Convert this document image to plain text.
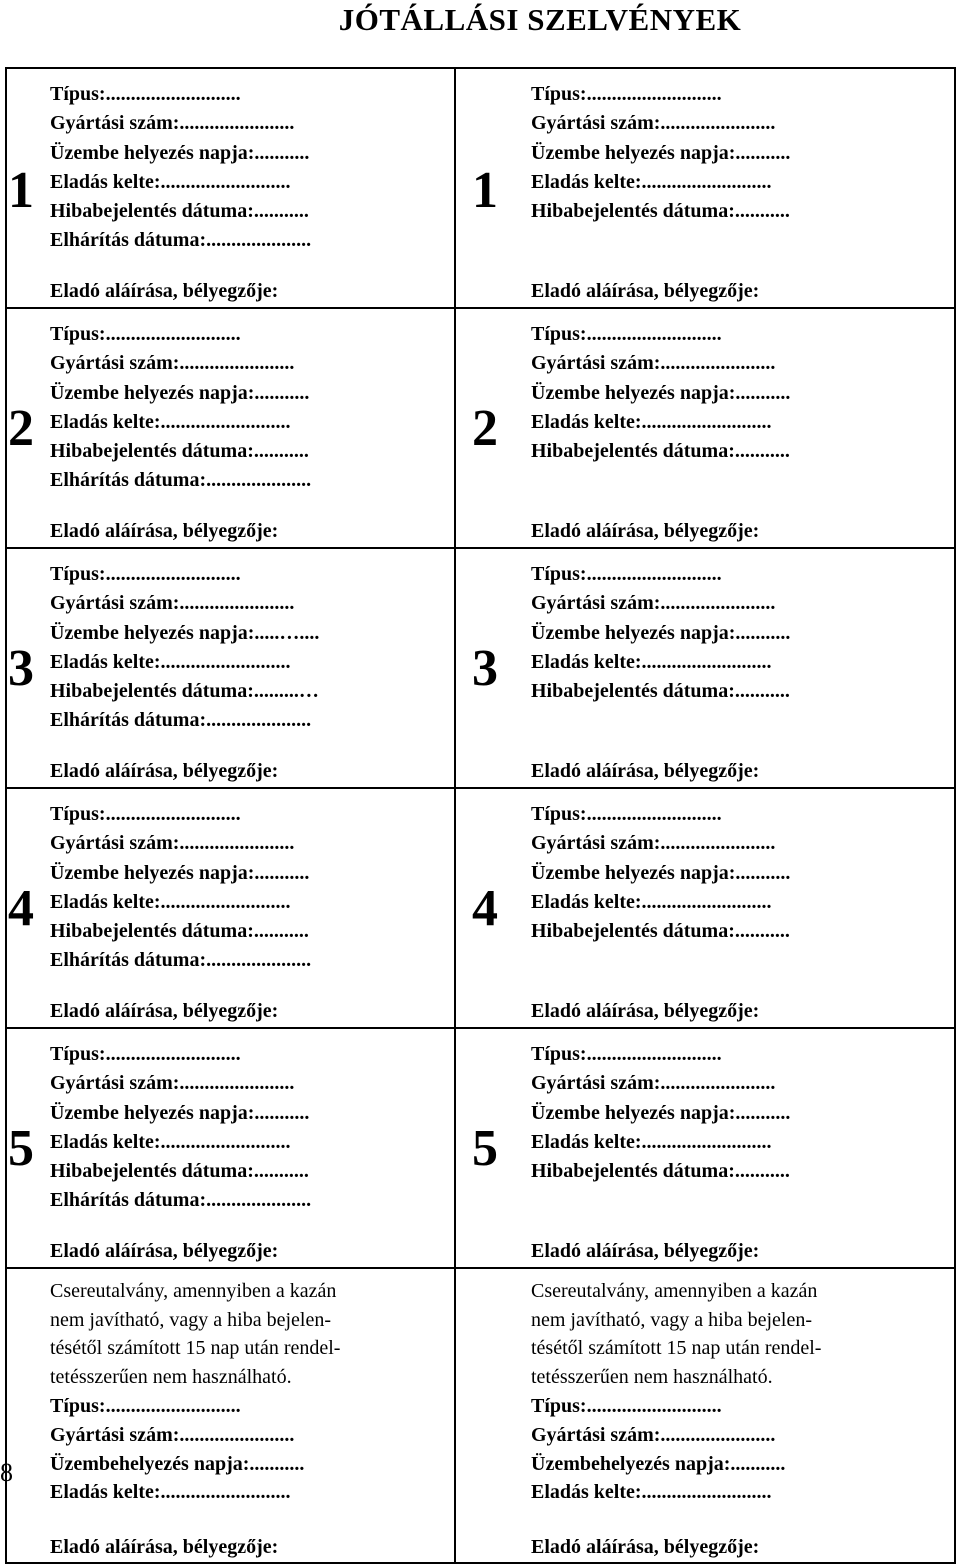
JÓTÁLLÁSI SZELVÉNYEK
1
Típus:...........................
Gyártási szám:.......................
Üzembe helyezés napja:...........
Eladás kelte:..........................
Hibabejelentés dátuma:...........
Elhárítás dátuma:.....................
Eladó aláírása, bélyegzője:
2
Típus:...........................
Gyártási szám:.......................
Üzembe helyezés napja:...........
Eladás kelte:..........................
Hibabejelentés dátuma:...........
Elhárítás dátuma:.....................
Eladó aláírása, bélyegzője:
3
Típus:...........................
Gyártási szám:.......................
Üzembe helyezés napja:.....…....
Eladás kelte:..........................
Hibabejelentés dátuma:.........…
Elhárítás dátuma:.....................
Eladó aláírása, bélyegzője:
4
Típus:...........................
Gyártási szám:.......................
Üzembe helyezés napja:...........
Eladás kelte:..........................
Hibabejelentés dátuma:...........
Elhárítás dátuma:.....................
Eladó aláírása, bélyegzője:
5
Típus:...........................
Gyártási szám:.......................
Üzembe helyezés napja:...........
Eladás kelte:..........................
Hibabejelentés dátuma:...........
Elhárítás dátuma:.....................
Eladó aláírása, bélyegzője:
1
Típus:...........................
Gyártási szám:.......................
Üzembe helyezés napja:...........
Eladás kelte:..........................
Hibabejelentés dátuma:...........
Eladó aláírása, bélyegzője:
2
Típus:...........................
Gyártási szám:.......................
Üzembe helyezés napja:...........
Eladás kelte:..........................
Hibabejelentés dátuma:...........
Eladó aláírása, bélyegzője:
3
Típus:...........................
Gyártási szám:.......................
Üzembe helyezés napja:...........
Eladás kelte:..........................
Hibabejelentés dátuma:...........
Eladó aláírása, bélyegzője:
4
Típus:...........................
Gyártási szám:.......................
Üzembe helyezés napja:...........
Eladás kelte:..........................
Hibabejelentés dátuma:...........
Eladó aláírása, bélyegzője:
5
Típus:...........................
Gyártási szám:.......................
Üzembe helyezés napja:...........
Eladás kelte:..........................
Hibabejelentés dátuma:...........
Eladó aláírása, bélyegzője:
Csereutalvány, amennyiben a kazán
nem javítható, vagy a hiba bejelen-
tésétől számított 15 nap után rendel-
tetésszerűen nem használható.
Típus:...........................
Gyártási szám:.......................
Üzembehelyezés napja:...........
Eladás kelte:..........................
Eladó aláírása, bélyegzője:
Csereutalvány, amennyiben a kazán
nem javítható, vagy a hiba bejelen-
tésétől számított 15 nap után rendel-
tetésszerűen nem használható.
Típus:...........................
Gyártási szám:.......................
Üzembehelyezés napja:...........
Eladás kelte:..........................
Eladó aláírása, bélyegzője:
8
